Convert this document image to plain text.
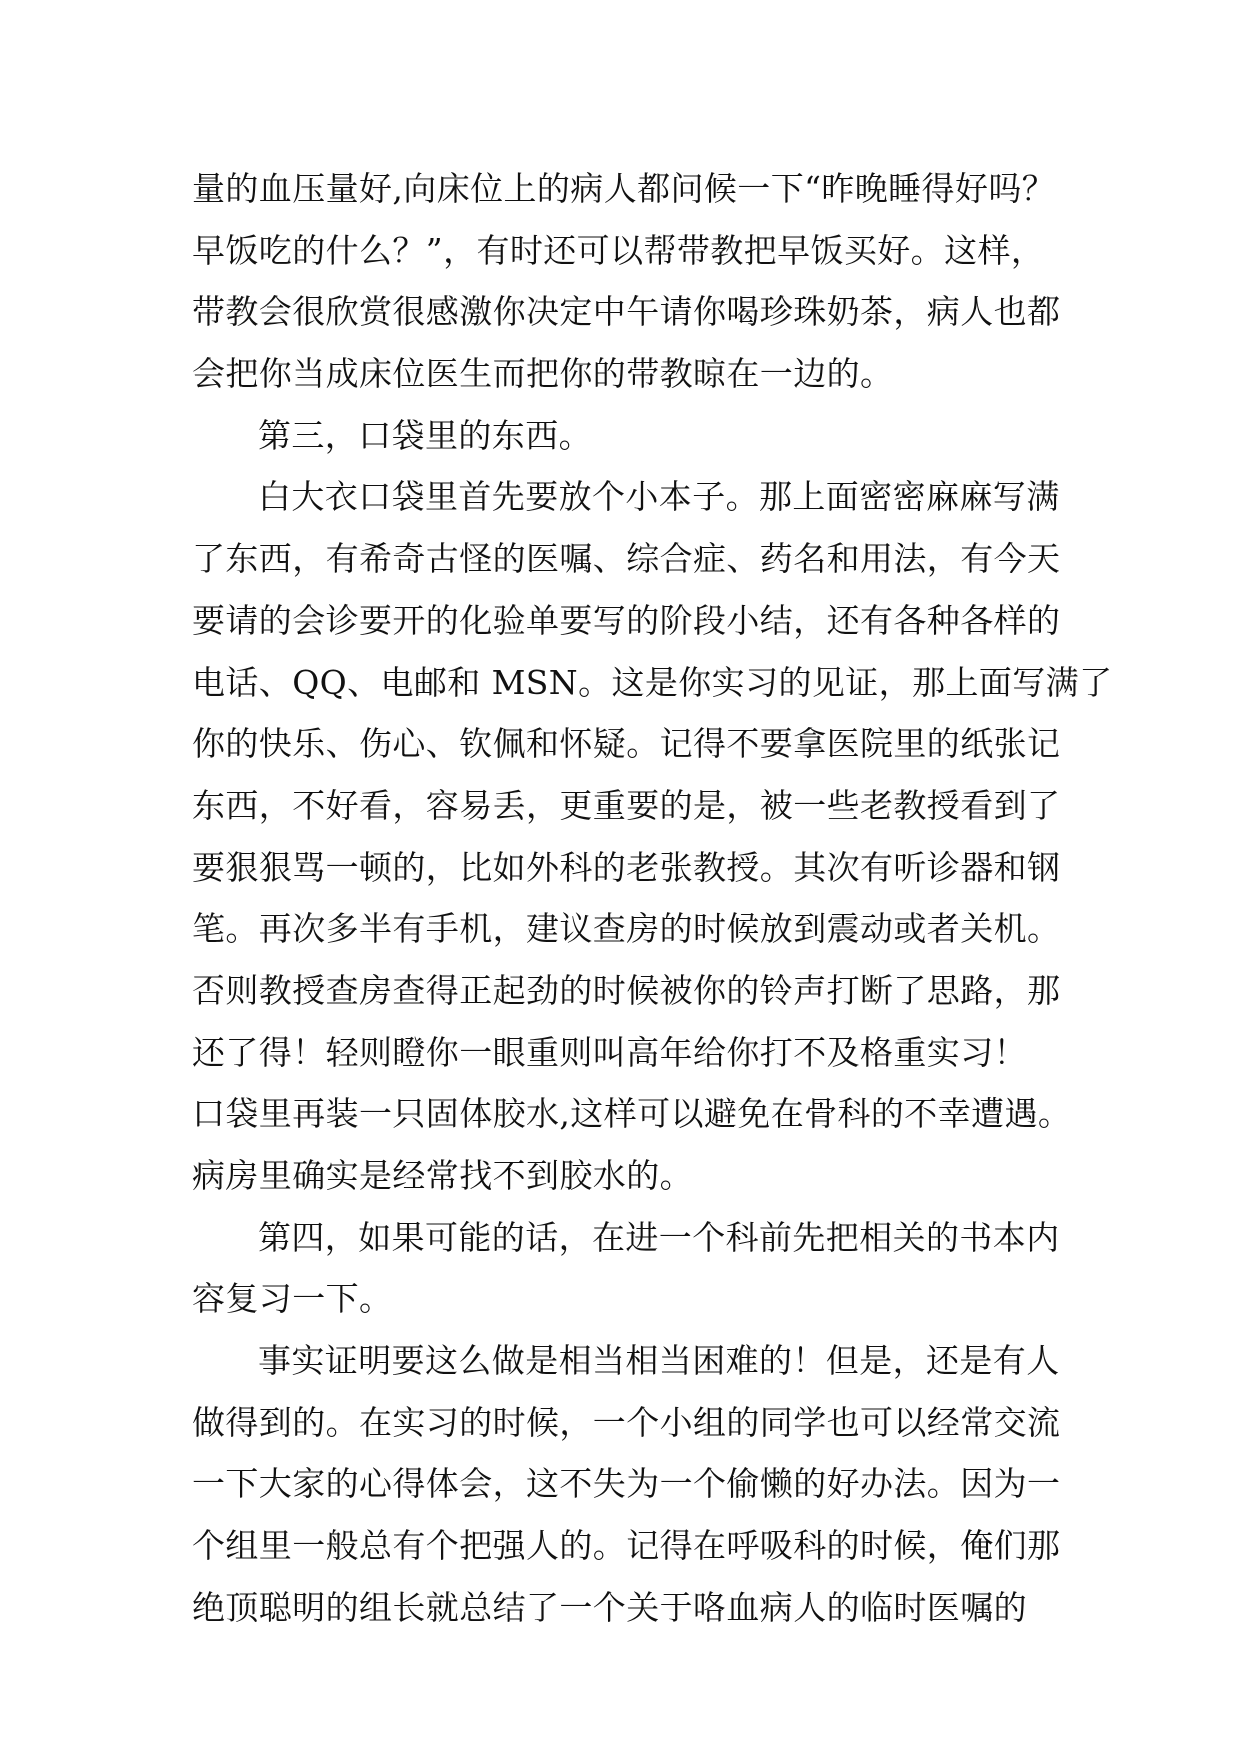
量的血压量好,向床位上的病人都问候一下“昨晚睡得好吗？
早饭吃的什么？”，有时还可以帮带教把早饭买好。这样，
带教会很欣赏很感激你决定中午请你喝珍珠奶茶，病人也都
会把你当成床位医生而把你的带教晾在一边的。
第三，口袋里的东西。
白大衣口袋里首先要放个小本子。那上面密密麻麻写满
了东西，有希奇古怪的医嘱、综合症、药名和用法，有今天
要请的会诊要开的化验单要写的阶段小结，还有各种各样的
电话、QQ、电邮和 MSN。这是你实习的见证，那上面写满了
你的快乐、伤心、钦佩和怀疑。记得不要拿医院里的纸张记
东西，不好看，容易丢，更重要的是，被一些老教授看到了
要狠狠骂一顿的，比如外科的老张教授。其次有听诊器和钢
笔。再次多半有手机，建议查房的时候放到震动或者关机。
否则教授查房查得正起劲的时候被你的铃声打断了思路，那
还了得！轻则瞪你一眼重则叫高年给你打不及格重实习！
口袋里再装一只固体胶水,这样可以避免在骨科的不幸遭遇。
病房里确实是经常找不到胶水的。
第四，如果可能的话，在进一个科前先把相关的书本内
容复习一下。
事实证明要这么做是相当相当困难的！但是，还是有人
做得到的。在实习的时候，一个小组的同学也可以经常交流
一下大家的心得体会，这不失为一个偷懒的好办法。因为一
个组里一般总有个把强人的。记得在呼吸科的时候，俺们那
绝顶聪明的组长就总结了一个关于咯血病人的临时医嘱的
